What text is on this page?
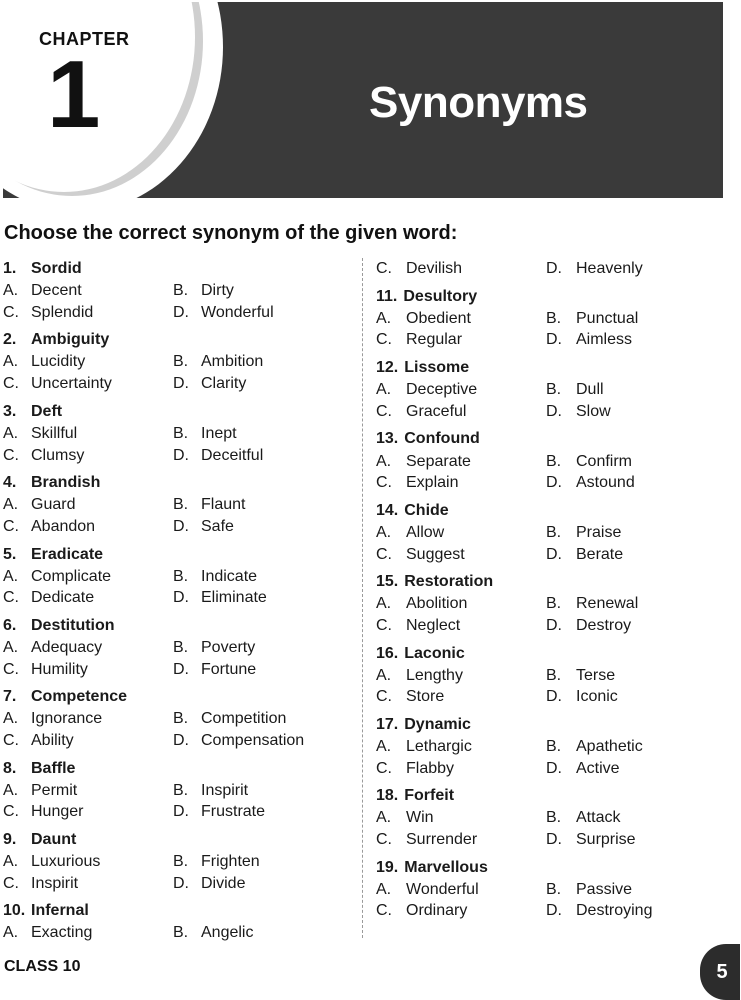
CHAPTER
1	Synonyms
Choose the correct synonym of the given word:
1. Sordid
A. Decent	B. Dirty
C. Splendid	D. Wonderful
2. Ambiguity
A. Lucidity	B. Ambition
C. Uncertainty	D. Clarity
3. Deft
A. Skillful	B. Inept
C. Clumsy	D. Deceitful
4. Brandish
A. Guard	B. Flaunt
C. Abandon	D. Safe
5. Eradicate
A. Complicate	B. Indicate
C. Dedicate	D. Eliminate
6. Destitution
A. Adequacy	B. Poverty
C. Humility	D. Fortune
7. Competence
A. Ignorance	B. Competition
C. Ability	D. Compensation
8. Baffle
A. Permit	B. Inspirit
C. Hunger	D. Frustrate
9. Daunt
A. Luxurious	B. Frighten
C. Inspirit	D. Divide
10. Infernal
A. Exacting	B. Angelic
C. Devilish	D. Heavenly
11. Desultory
A. Obedient	B. Punctual
C. Regular	D. Aimless
12. Lissome
A. Deceptive	B. Dull
C. Graceful	D. Slow
13. Confound
A. Separate	B. Confirm
C. Explain	D. Astound
14. Chide
A. Allow	B. Praise
C. Suggest	D. Berate
15. Restoration
A. Abolition	B. Renewal
C. Neglect	D. Destroy
16. Laconic
A. Lengthy	B. Terse
C. Store	D. Iconic
17. Dynamic
A. Lethargic	B. Apathetic
C. Flabby	D. Active
18. Forfeit
A. Win	B. Attack
C. Surrender	D. Surprise
19. Marvellous
A. Wonderful	B. Passive
C. Ordinary	D. Destroying
CLASS 10	5
